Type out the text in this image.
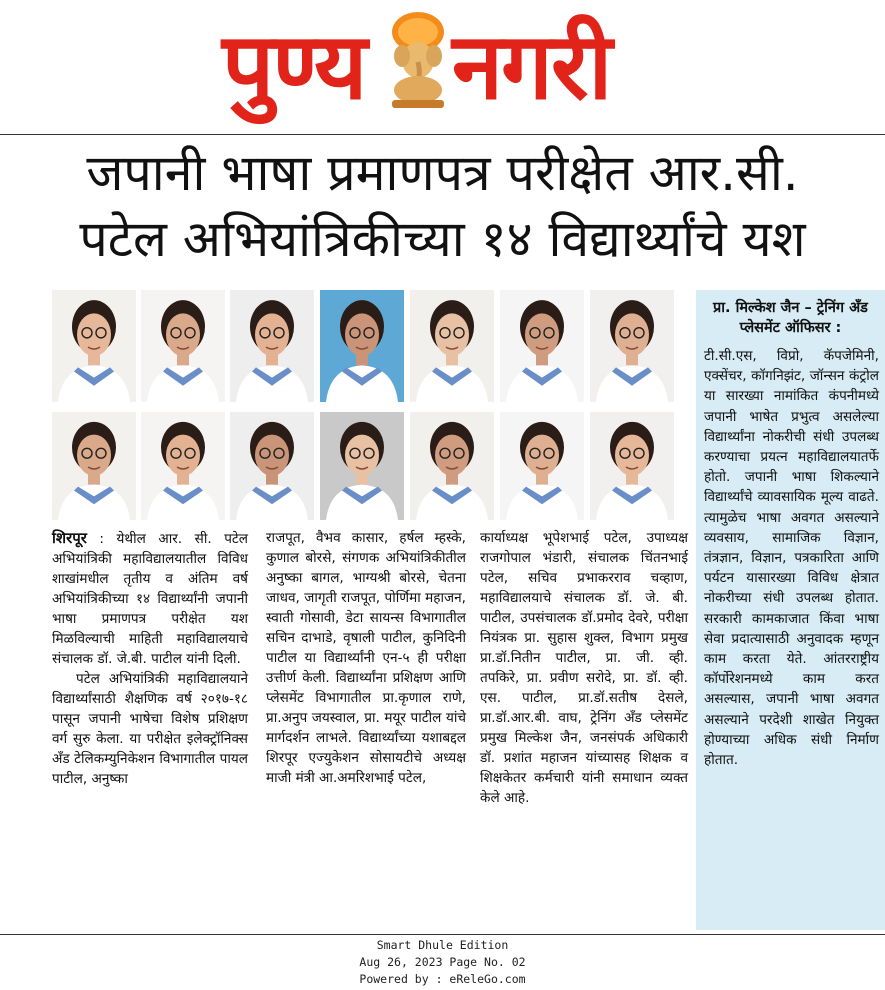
पुण्य नगरी
जपानी भाषा प्रमाणपत्र परीक्षेत आर.सी.
पटेल अभियांत्रिकीच्या १४ विद्यार्थ्यांचे यश

शिरपूर : येथील आर. सी. पटेल अभियांत्रिकी महाविद्यालयातील विविध शाखांमधील तृतीय व अंतिम वर्ष अभियांत्रिकीच्या १४ विद्यार्थ्यांनी जपानी भाषा प्रमाणपत्र परीक्षेत यश मिळविल्याची माहिती महाविद्यालयाचे संचालक डॉ. जे.बी. पाटील यांनी दिली.

पटेल अभियांत्रिकी महाविद्यालयाने विद्यार्थ्यांसाठी शैक्षणिक वर्ष २०१७-१८ पासून जपानी भाषेचा विशेष प्रशिक्षण वर्ग सुरु केला. या परीक्षेत इलेक्ट्रॉनिक्स अँड टेलिकम्युनिकेशन विभागातील पायल पाटील, अनुष्का

राजपूत, वैभव कासार, हर्षल म्हस्के, कुणाल बोरसे, संगणक अभियांत्रिकीतील अनुष्का बागल, भाग्यश्री बोरसे, चेतना जाधव, जागृती राजपूत, पोर्णिमा महाजन, स्वाती गोसावी, डेटा सायन्स विभागातील सचिन दाभाडे, वृषाली पाटील, कुनिदिनी पाटील या विद्यार्थ्यांनी एन-५ ही परीक्षा उत्तीर्ण केली. विद्यार्थ्यांना प्रशिक्षण आणि प्लेसमेंट विभागातील प्रा.कृणाल राणे, प्रा.अनुप जयस्वाल, प्रा. मयूर पाटील यांचे मार्गदर्शन लाभले. विद्यार्थ्यांच्या यशाबद्दल शिरपूर एज्युकेशन सोसायटीचे अध्यक्ष माजी मंत्री आ.अमरिशभाई पटेल,

कार्याध्यक्ष भूपेशभाई पटेल, उपाध्यक्ष राजगोपाल भंडारी, संचालक चिंतनभाई पटेल, सचिव प्रभाकरराव चव्हाण, महाविद्यालयाचे संचालक डॉ. जे. बी. पाटील, उपसंचालक डॉ.प्रमोद देवरे, परीक्षा नियंत्रक प्रा. सुहास शुक्ल, विभाग प्रमुख प्रा.डॉ.नितीन पाटील, प्रा. जी. व्ही. तपकिरे, प्रा. प्रवीण सरोदे, प्रा. डॉ. व्ही. एस. पाटील, प्रा.डॉ.सतीष देसले, प्रा.डॉ.आर.बी. वाघ, ट्रेनिंग अँड प्लेसमेंट प्रमुख मिल्केश जैन, जनसंपर्क अधिकारी डॉ. प्रशांत महाजन यांच्यासह शिक्षक व शिक्षकेतर कर्मचारी यांनी समाधान व्यक्त केले आहे.

प्रा. मिल्केश जैन – ट्रेनिंग अँड प्लेसमेंट ऑफिसर :
टी.सी.एस, विप्रो, कॅपजेमिनी, एक्सेंचर, कॉगनिझंट, जॉन्सन कंट्रोल या सारख्या नामांकित कंपनीमध्ये जपानी भाषेत प्रभुत्व असलेल्या विद्यार्थ्यांना नोकरीची संधी उपलब्ध करण्याचा प्रयत्न महाविद्यालयातर्फे होतो. जपानी भाषा शिकल्याने विद्यार्थ्यांचे व्यावसायिक मूल्य वाढते. त्यामुळेच भाषा अवगत असल्याने व्यवसाय, सामाजिक विज्ञान, तंत्रज्ञान, विज्ञान, पत्रकारिता आणि पर्यटन यासारख्या विविध क्षेत्रात नोकरीच्या संधी उपलब्ध होतात. सरकारी कामकाजात किंवा भाषा सेवा प्रदात्यासाठी अनुवादक म्हणून काम करता येते. आंतरराष्ट्रीय कॉर्पोरेशनमध्ये काम करत असल्यास, जपानी भाषा अवगत असल्याने परदेशी शाखेत नियुक्त होण्याच्या अधिक संधी निर्माण होतात.
Smart Dhule Edition
Aug 26, 2023 Page No. 02
Powered by : eReleGo.com
